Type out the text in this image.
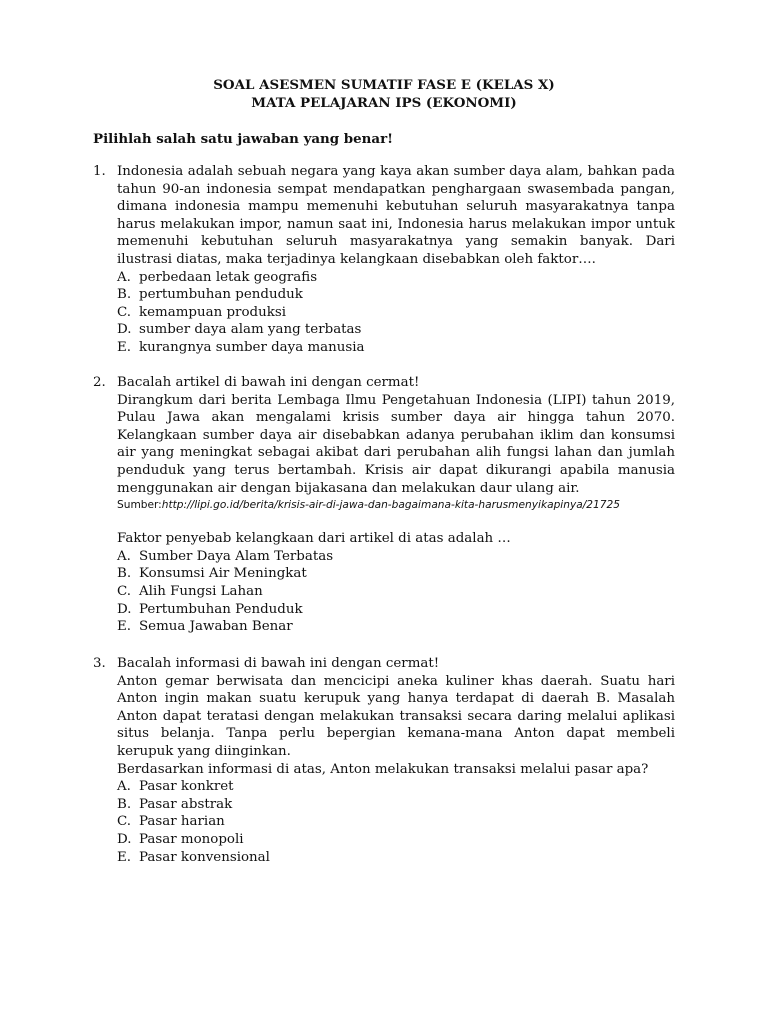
SOAL ASESMEN SUMATIF FASE E (KELAS X)
MATA PELAJARAN IPS (EKONOMI)
Pilihlah salah satu jawaban yang benar!
1. Indonesia adalah sebuah negara yang kaya akan sumber daya alam, bahkan pada tahun 90-an indonesia sempat mendapatkan penghargaan swasembada pangan, dimana indonesia mampu memenuhi kebutuhan seluruh masyarakatnya tanpa harus melakukan impor, namun saat ini, Indonesia harus melakukan impor untuk memenuhi kebutuhan seluruh masyarakatnya yang semakin banyak. Dari ilustrasi diatas, maka terjadinya kelangkaan disebabkan oleh faktor….
A. perbedaan letak geografis
B. pertumbuhan penduduk
C. kemampuan produksi
D. sumber daya alam yang terbatas
E. kurangnya sumber daya manusia
2. Bacalah artikel di bawah ini dengan cermat!
Dirangkum dari berita Lembaga Ilmu Pengetahuan Indonesia (LIPI) tahun 2019, Pulau Jawa akan mengalami krisis sumber daya air hingga tahun 2070. Kelangkaan sumber daya air disebabkan adanya perubahan iklim dan konsumsi air yang meningkat sebagai akibat dari perubahan alih fungsi lahan dan jumlah penduduk yang terus bertambah. Krisis air dapat dikurangi apabila manusia menggunakan air dengan bijakasana dan melakukan daur ulang air.
Sumber:http://lipi.go.id/berita/krisis-air-di-jawa-dan-bagaimana-kita-harusmenyikapinya/21725
Faktor penyebab kelangkaan dari artikel di atas adalah …
A. Sumber Daya Alam Terbatas
B. Konsumsi Air Meningkat
C. Alih Fungsi Lahan
D. Pertumbuhan Penduduk
E. Semua Jawaban Benar
3. Bacalah informasi di bawah ini dengan cermat!
Anton gemar berwisata dan mencicipi aneka kuliner khas daerah. Suatu hari Anton ingin makan suatu kerupuk yang hanya terdapat di daerah B. Masalah Anton dapat teratasi dengan melakukan transaksi secara daring melalui aplikasi situs belanja. Tanpa perlu bepergian kemana-mana Anton dapat membeli kerupuk yang diinginkan.
Berdasarkan informasi di atas, Anton melakukan transaksi melalui pasar apa?
A. Pasar konkret
B. Pasar abstrak
C. Pasar harian
D. Pasar monopoli
E. Pasar konvensional
